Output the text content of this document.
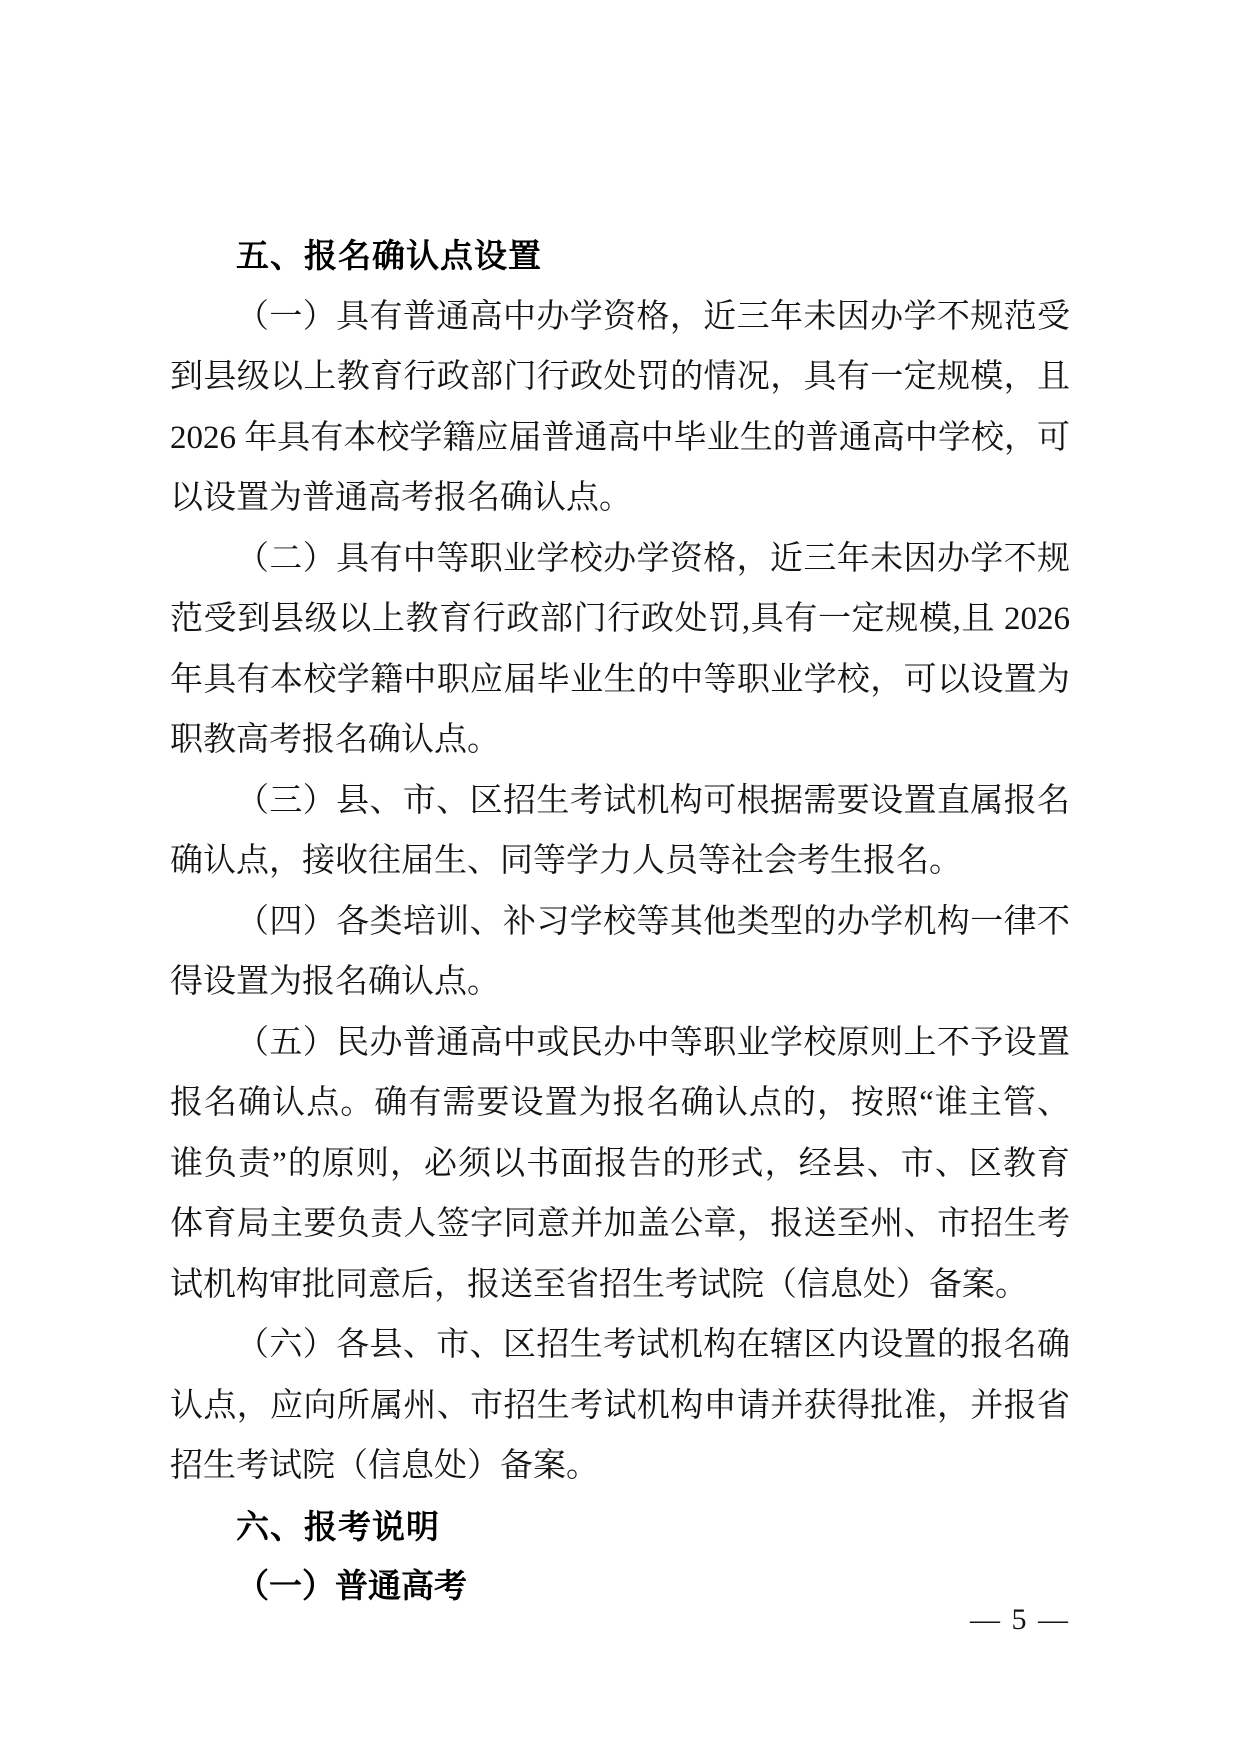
五、报名确认点设置
（一）具有普通高中办学资格，近三年未因办学不规范受
到县级以上教育行政部门行政处罚的情况，具有一定规模，且
2026 年具有本校学籍应届普通高中毕业生的普通高中学校，可
以设置为普通高考报名确认点。
（二）具有中等职业学校办学资格，近三年未因办学不规
范受到县级以上教育行政部门行政处罚,具有一定规模,且 2026
年具有本校学籍中职应届毕业生的中等职业学校，可以设置为
职教高考报名确认点。
（三）县、市、区招生考试机构可根据需要设置直属报名
确认点，接收往届生、同等学力人员等社会考生报名。
（四）各类培训、补习学校等其他类型的办学机构一律不
得设置为报名确认点。
（五）民办普通高中或民办中等职业学校原则上不予设置
报名确认点。确有需要设置为报名确认点的，按照“谁主管、
谁负责”的原则，必须以书面报告的形式，经县、市、区教育
体育局主要负责人签字同意并加盖公章，报送至州、市招生考
试机构审批同意后，报送至省招生考试院（信息处）备案。
（六）各县、市、区招生考试机构在辖区内设置的报名确
认点，应向所属州、市招生考试机构申请并获得批准，并报省
招生考试院（信息处）备案。
六、报考说明
（一）普通高考
— 5 —
